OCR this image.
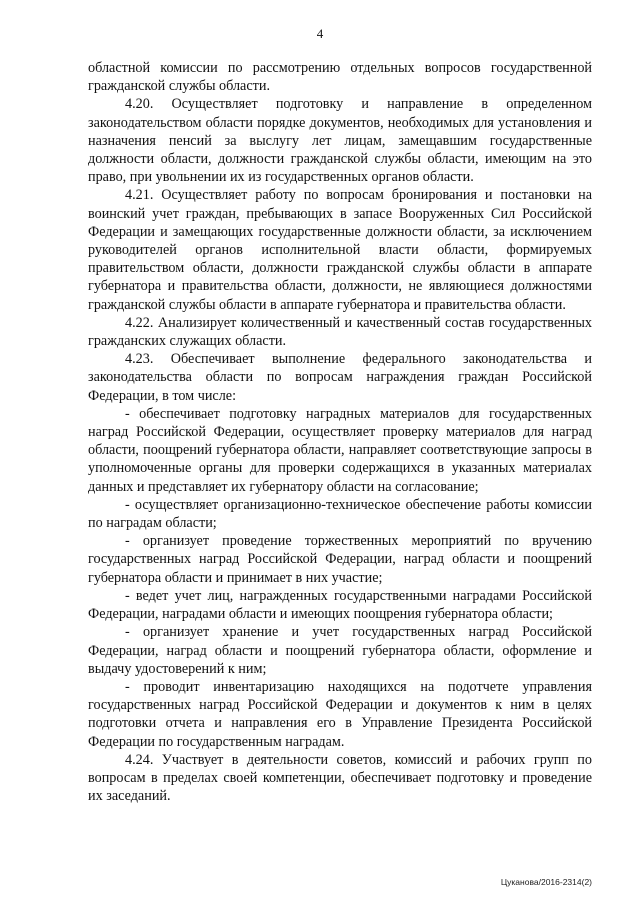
4

областной комиссии по рассмотрению отдельных вопросов государственной гражданской службы области.

4.20. Осуществляет подготовку и направление в определенном законодательством области порядке документов, необходимых для установления и назначения пенсий за выслугу лет лицам, замещавшим государственные должности области, должности гражданской службы области, имеющим на это право, при увольнении их из государственных органов области.

4.21. Осуществляет работу по вопросам бронирования и постановки на воинский учет граждан, пребывающих в запасе Вооруженных Сил Российской Федерации и замещающих государственные должности области, за исключением руководителей органов исполнительной власти области, формируемых правительством области, должности гражданской службы области в аппарате губернатора и правительства области, должности, не являющиеся должностями гражданской службы области в аппарате губернатора и правительства области.

4.22. Анализирует количественный и качественный состав государственных гражданских служащих области.

4.23. Обеспечивает выполнение федерального законодательства и законодательства области по вопросам награждения граждан Российской Федерации, в том числе:

- обеспечивает подготовку наградных материалов для государственных наград Российской Федерации, осуществляет проверку материалов для наград области, поощрений губернатора области, направляет соответствующие запросы в уполномоченные органы для проверки содержащихся в указанных материалах данных и представляет их губернатору области на согласование;

- осуществляет организационно-техническое обеспечение работы комиссии по наградам области;

- организует проведение торжественных мероприятий по вручению государственных наград Российской Федерации, наград области и поощрений губернатора области и принимает в них участие;

- ведет учет лиц, награжденных государственными наградами Российской Федерации, наградами области и имеющих поощрения губернатора области;

- организует хранение и учет государственных наград Российской Федерации, наград области и поощрений губернатора области, оформление и выдачу удостоверений к ним;

- проводит инвентаризацию находящихся на подотчете управления государственных наград Российской Федерации и документов к ним в целях подготовки отчета и направления его в Управление Президента Российской Федерации по государственным наградам.

4.24. Участвует в деятельности советов, комиссий и рабочих групп по вопросам в пределах своей компетенции, обеспечивает подготовку и проведение их заседаний.

Цуканова/2016-2314(2)
